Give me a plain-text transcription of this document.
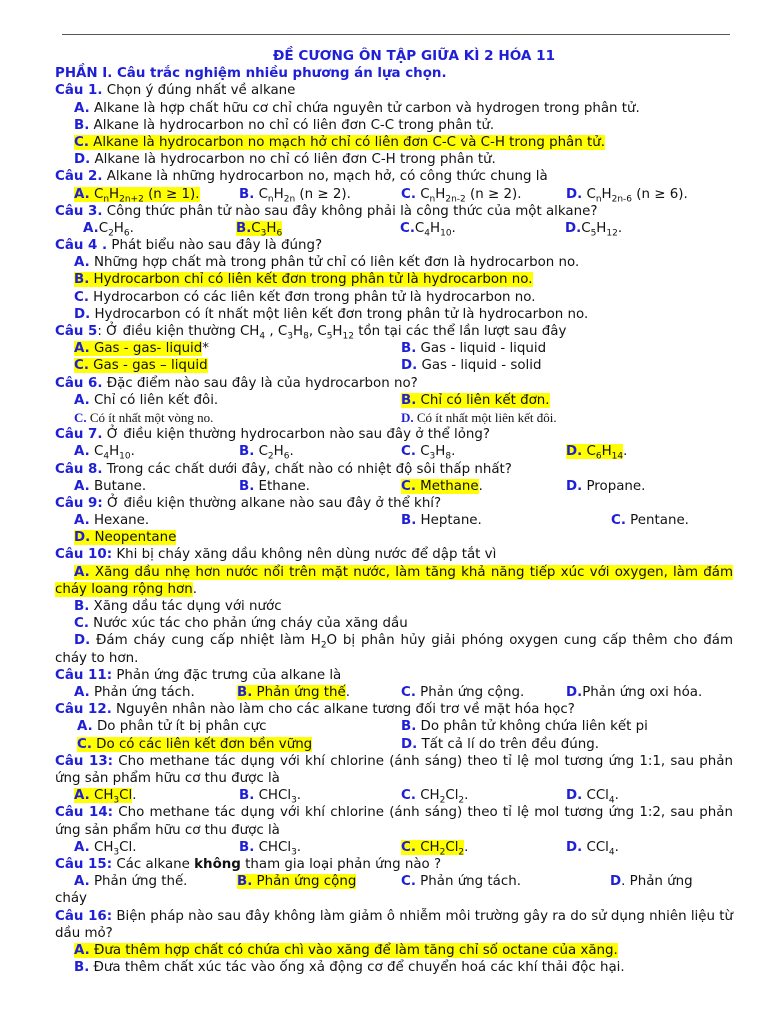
ĐỀ CƯƠNG ÔN TẬP GIỮA KÌ 2 HÓA 11
PHẦN I. Câu trắc nghiệm nhiều phương án lựa chọn.
Câu 1. Chọn ý đúng nhất về alkane
A. Alkane là hợp chất hữu cơ chỉ chứa nguyên tử carbon và hydrogen trong phân tử.
B. Alkane là hydrocarbon no chỉ có liên đơn C-C trong phân tử.
C. Alkane là hydrocarbon no mạch hở chỉ có liên đơn C-C và C-H trong phân tử.
D. Alkane là hydrocarbon no chỉ có liên đơn C-H trong phân tử.
Câu 2. Alkane là những hydrocarbon no, mạch hở, có công thức chung là
A. $C_nH_{2n+2}$ (n ≥ 1).	B. $C_nH_{2n}$ (n ≥ 2).	C. $C_nH_{2n-2}$ (n ≥ 2).	D. $C_nH_{2n-6}$ (n ≥ 6).
Câu 3. Công thức phân tử nào sau đây không phải là công thức của một alkane?
$A.C_2H_6$.	$B.C_3H_6$	$C.C_4H_{10}$.	$D.C_5H_{12}$.
Câu 4 . Phát biểu nào sau đây là đúng?
A. Những hợp chất mà trong phân tử chỉ có liên kết đơn là hydrocarbon no.
B. Hydrocarbon chỉ có liên kết đơn trong phân tử là hydrocarbon no.
C. Hydrocarbon có các liên kết đơn trong phân tử là hydrocarbon no.
D. Hydrocarbon có ít nhất một liên kết đơn trong phân tử là hydrocarbon no.
Câu 5: Ở điều kiện thường $CH_4$ , $C_3H_8$, $C_5H_{12}$ tồn tại các thể lần lượt sau đây
A. Gas - gas- liquid*	B. Gas - liquid - liquid
C. Gas - gas – liquid	D. Gas - liquid - solid
Câu 6. Đặc điểm nào sau đây là của hydrocarbon no?
A. Chỉ có liên kết đôi.	B. Chỉ có liên kết đơn.
C. Có ít nhất một vòng no.	D. Có ít nhất một liên kết đôi.
Câu 7. Ở điều kiện thường hydrocarbon nào sau đây ở thể lỏng?
A. $C_4H_{10}$.	B. $C_2H_6$.	C. $C_3H_8$.	D. $C_6H_{14}$.
Câu 8. Trong các chất dưới đây, chất nào có nhiệt độ sôi thấp nhất?
A. Butane.	B. Ethane.	C. Methane.	D. Propane.
Câu 9: Ở điều kiện thường alkane nào sau đây ở thể khí?
A. Hexane.	B. Heptane.	C. Pentane.
D. Neopentane
Câu 10: Khi bị cháy xăng dầu không nên dùng nước để dập tắt vì
A. Xăng dầu nhẹ hơn nước nổi trên mặt nước, làm tăng khả năng tiếp xúc với oxygen, làm đám cháy loang rộng hơn.
B. Xăng dầu tác dụng với nước
C. Nước xúc tác cho phản ứng cháy của xăng dầu
D. Đám cháy cung cấp nhiệt làm $H_2O$ bị phân hủy giải phóng oxygen cung cấp thêm cho đám cháy to hơn.
Câu 11: Phản ứng đặc trưng của alkane là
A. Phản ứng tách.	B. Phản ứng thế.	C. Phản ứng cộng.	D.Phản ứng oxi hóa.
Câu 12. Nguyên nhân nào làm cho các alkane tương đối trơ về mặt hóa học?
A. Do phân tử ít bị phân cực	B. Do phân tử không chứa liên kết pi
C. Do có các liên kết đơn bền vững	D. Tất cả lí do trên đều đúng.
Câu 13: Cho methane tác dụng với khí chlorine (ánh sáng) theo tỉ lệ mol tương ứng 1:1, sau phản ứng sản phẩm hữu cơ thu được là
A. $CH_3Cl$.	B. CHCl$_3$.	C. $CH_2Cl_2$.	D. CCl$_4$.
Câu 14: Cho methane tác dụng với khí chlorine (ánh sáng) theo tỉ lệ mol tương ứng 1:2, sau phản ứng sản phẩm hữu cơ thu được là
A. $CH_3Cl$.	B. CHCl$_3$.	C. $CH_2Cl_2$.	D. CCl$_4$.
Câu 15: Các alkane không tham gia loại phản ứng nào ?
A. Phản ứng thế.	B. Phản ứng cộng	C. Phản ứng tách.	D. Phản ứng
cháy
Câu 16: Biện pháp nào sau đây không làm giảm ô nhiễm môi trường gây ra do sử dụng nhiên liệu từ dầu mỏ?
A. Đưa thêm hợp chất có chứa chì vào xăng để làm tăng chỉ số octane của xăng.
B. Đưa thêm chất xúc tác vào ống xả động cơ để chuyển hoá các khí thải độc hại.
